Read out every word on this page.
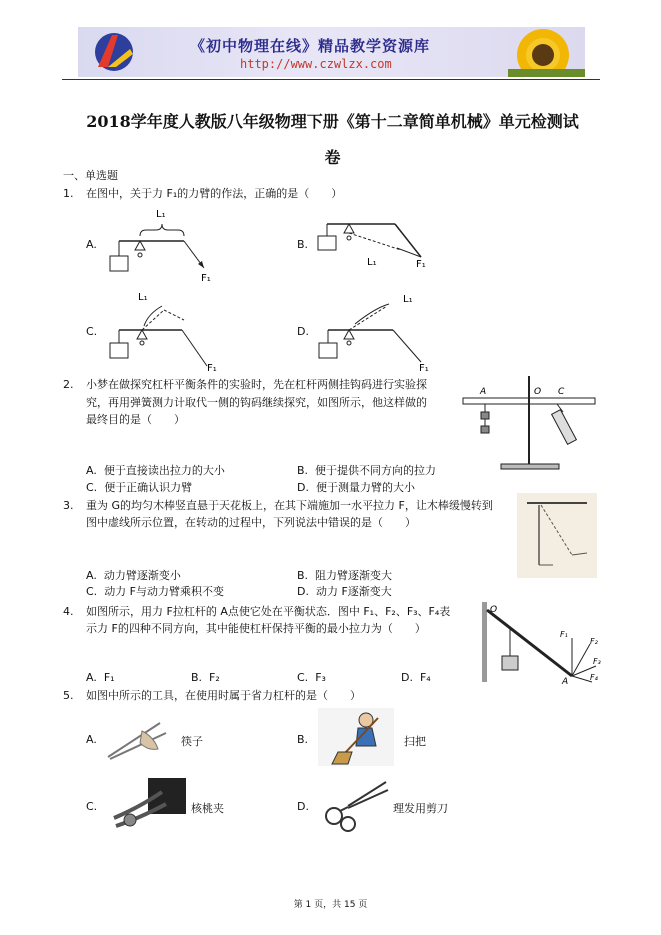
《初中物理在线》精品教学资源库
http://www.czwlzx.com
2018学年度人教版八年级物理下册《第十二章简单机械》单元检测试
卷
一、单选题
1. 在图中，关于力 F₁的力臂的作法，正确的是（　　）
A.
L₁
F₁
B.
L₁	F₁
C.
L₁
F₁
D.
L₁
F₁
2. 小梦在做探究杠杆平衡条件的实验时，先在杠杆两侧挂钩码进行实验探
究，再用弹簧测力计取代一侧的钩码继续探究，如图所示，他这样做的
最终目的是（　　）
A	O C
A. 便于直接读出拉力的大小	B. 便于提供不同方向的拉力
C. 便于正确认识力臂	D. 便于测量力臂的大小
3. 重为 G的均匀木棒竖直悬于天花板上，在其下端施加一水平拉力 F，让木棒缓慢转到
图中虚线所示位置，在转动的过程中，下列说法中错误的是（　　）
A. 动力臂逐渐变小	B. 阻力臂逐渐变大
C. 动力 F与动力臂乘积不变	D. 动力 F逐渐变大
4. 如图所示，用力 F拉杠杆的 A点使它处在平衡状态．图中 F₁、F₂、F₃、F₄表
示力 F的四种不同方向，其中能使杠杆保持平衡的最小拉力为（　　）
O
A
F₁
F₂
F₃
F₄
A. F₁	B. F₂	C. F₃	D. F₄
5. 如图中所示的工具，在使用时属于省力杠杆的是（　　）
A.	筷子	B.	扫把
C.	核桃夹	D.	理发用剪刀
第 1 页，共 15 页
